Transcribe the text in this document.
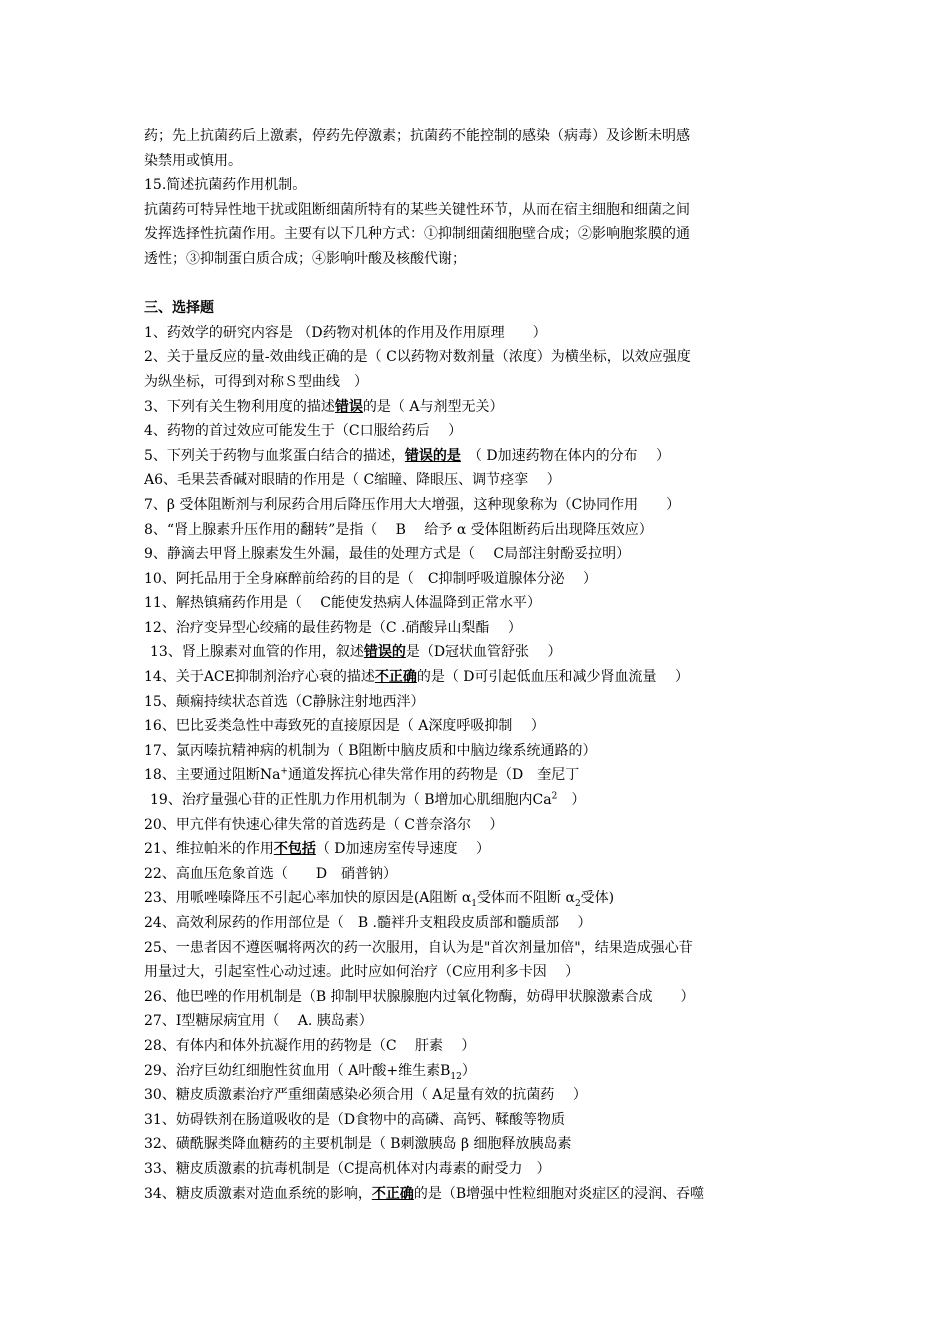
药；先上抗菌药后上激素，停药先停激素；抗菌药不能控制的感染（病毒）及诊断未明感
染禁用或慎用。
15.简述抗菌药作用机制。
抗菌药可特异性地干扰或阻断细菌所特有的某些关键性环节，从而在宿主细胞和细菌之间
发挥选择性抗菌作用。主要有以下几种方式：①抑制细菌细胞壁合成；②影响胞浆膜的通
透性；③抑制蛋白质合成；④影响叶酸及核酸代谢；
三、选择题
1、药效学的研究内容是 （D药物对机体的作用及作用原理　　）
2、关于量反应的量-效曲线正确的是（ C以药物对数剂量（浓度）为横坐标，以效应强度
为纵坐标，可得到对称Ｓ型曲线　）
3、下列有关生物利用度的描述错误的是（ A与剂型无关）
4、药物的首过效应可能发生于（C口服给药后　 ）
5、下列关于药物与血浆蛋白结合的描述，错误的是　（ D加速药物在体内的分布　 ）
A6、毛果芸香碱对眼睛的作用是（ C缩瞳、降眼压、调节痉挛　 ）
7、β 受体阻断剂与利尿药合用后降压作用大大增强，这种现象称为（C协同作用　　）
8、“肾上腺素升压作用的翻转”是指（　 B　 给予 α 受体阻断药后出现降压效应）
9、静滴去甲肾上腺素发生外漏，最佳的处理方式是（　 C局部注射酚妥拉明）
10、阿托品用于全身麻醉前给药的目的是（　C抑制呼吸道腺体分泌　 ）
11、解热镇痛药作用是（　 C能使发热病人体温降到正常水平）
12、治疗变异型心绞痛的最佳药物是（C .硝酸异山梨酯　 ）
13、肾上腺素对血管的作用，叙述错误的是（D冠状血管舒张　 ）
14、关于ACE抑制剂治疗心衰的描述不正确的是（ D可引起低血压和减少肾血流量　 ）
15、颠痫持续状态首选（C静脉注射地西泮）
16、巴比妥类急性中毒致死的直接原因是（ A深度呼吸抑制　 ）
17、氯丙嗪抗精神病的机制为（ B阻断中脑皮质和中脑边缘系统通路的）
18、主要通过阻断Na+通道发挥抗心律失常作用的药物是（D　奎尼丁
19、治疗量强心苷的正性肌力作用机制为（ B增加心肌细胞内Ca$^2$　）
20、甲亢伴有快速心律失常的首选药是（ C普奈洛尔　 ）
21、维拉帕米的作用不包括（ D加速房室传导速度　 ）
22、高血压危象首选（　　D　硝普钠）
23、用哌唑嗪降压不引起心率加快的原因是(A阻断 $\alpha_1$受体而不阻断 $\alpha_2$受体)
24、高效利尿药的作用部位是（　B .髓袢升支粗段皮质部和髓质部　 ）
25、一患者因不遵医嘱将两次的药一次服用，自认为是"首次剂量加倍"，结果造成强心苷
用量过大，引起室性心动过速。此时应如何治疗（C应用利多卡因　 ）
26、他巴唑的作用机制是（B 抑制甲状腺腺胞内过氧化物酶，妨碍甲状腺激素合成　　）
27、I型糖尿病宜用（　 A. 胰岛素）
28、有体内和体外抗凝作用的药物是（C　 肝素　 ）
29、治疗巨幼红细胞性贫血用（ A叶酸+维生素$B_{12}$）
30、糖皮质激素治疗严重细菌感染必须合用（ A足量有效的抗菌药　 ）
31、妨碍铁剂在肠道吸收的是（D食物中的高磷、高钙、鞣酸等物质
32、磺酰脲类降血糖药的主要机制是（ B刺激胰岛 β 细胞释放胰岛素
33、糖皮质激素的抗毒机制是（C提高机体对内毒素的耐受力　）
34、糖皮质激素对造血系统的影响，不正确的是（B增强中性粒细胞对炎症区的浸润、吞噬
